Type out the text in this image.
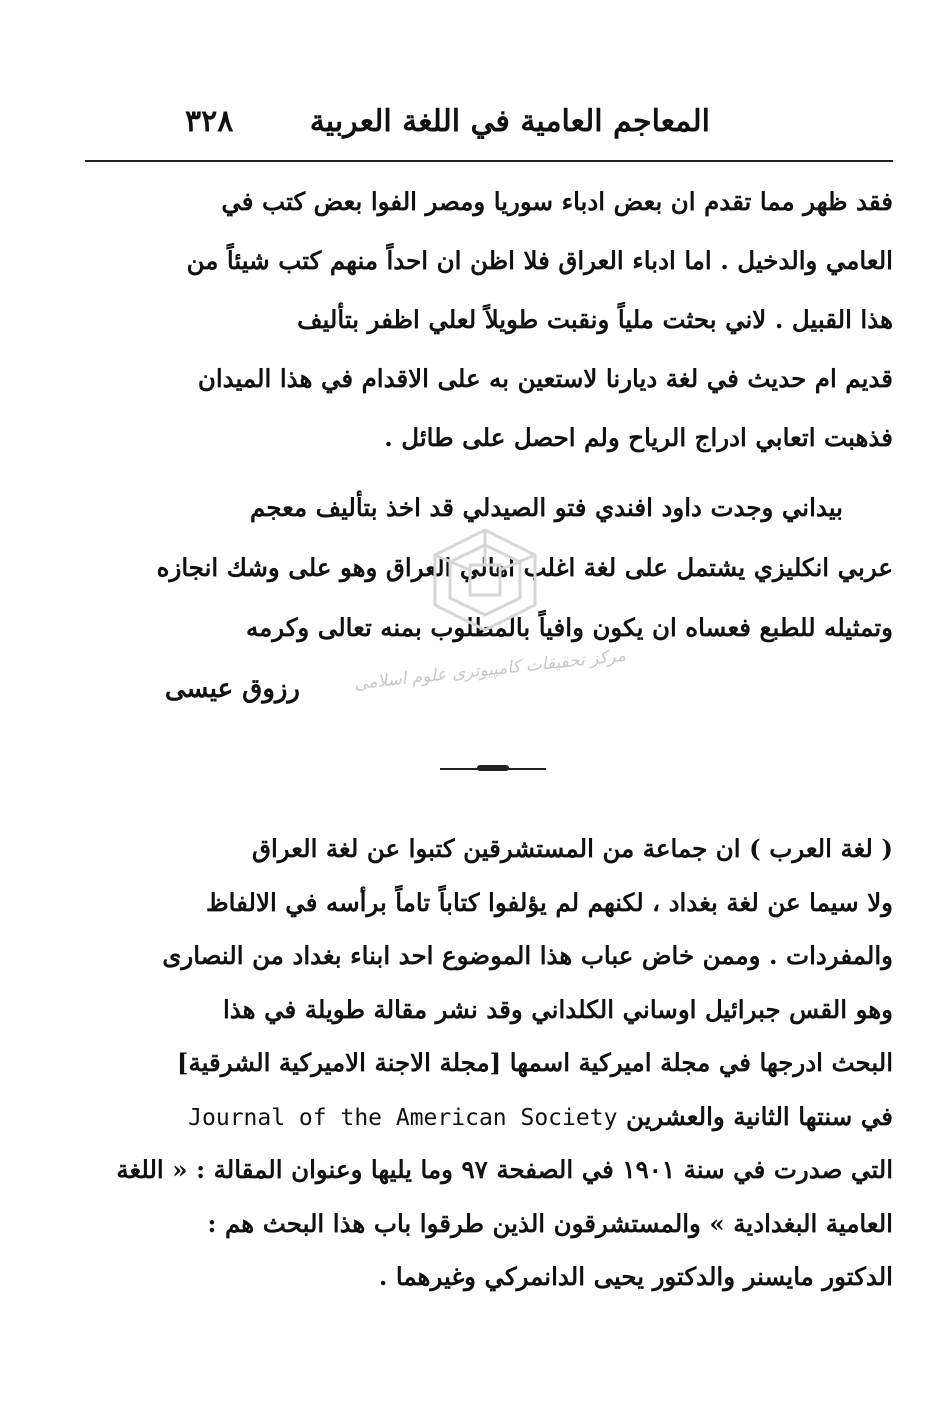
المعاجم العامية في اللغة العربية
٣٢٨
فقد ظهر مما تقدم ان بعض ادباء سوريا ومصر الفوا بعض كتب في
العامي والدخيل . اما ادباء العراق فلا اظن ان احداً منهم كتب شيئاً من
هذا القبيل . لاني بحثت ملياً ونقبت طويلاً لعلي اظفر بتأليف
قديم ام حديث في لغة ديارنا لاستعين به على الاقدام في هذا الميدان
فذهبت اتعابي ادراج الرياح ولم احصل على طائل .
بيداني وجدت داود افندي فتو الصيدلي قد اخذ بتأليف معجم
عربي انكليزي يشتمل على لغة اغلب اهالي العراق وهو على وشك انجازه
وتمثيله للطبع فعساه ان يكون وافياً بالمطلوب بمنه تعالى وكرمه
مرکز تحقیقات کامپیوتری علوم اسلامی
رزوق عيسى
( لغة العرب ) ان جماعة من المستشرقين كتبوا عن لغة العراق
ولا سيما عن لغة بغداد ، لكنهم لم يؤلفوا كتاباً تاماً برأسه في الالفاظ
والمفردات . وممن خاض عباب هذا الموضوع احد ابناء بغداد من النصارى
وهو القس جبرائيل اوساني الكلداني وقد نشر مقالة طويلة في هذا
البحث ادرجها في مجلة اميركية اسمها [مجلة الاجنة الاميركية الشرقية]
في سنتها الثانية والعشرين Journal of the American Society
التي صدرت في سنة ١٩٠١ في الصفحة ٩٧ وما يليها وعنوان المقالة : « اللغة
العامية البغدادية » والمستشرقون الذين طرقوا باب هذا البحث هم :
الدكتور مايسنر والدكتور يحيى الدانمركي وغيرهما .
